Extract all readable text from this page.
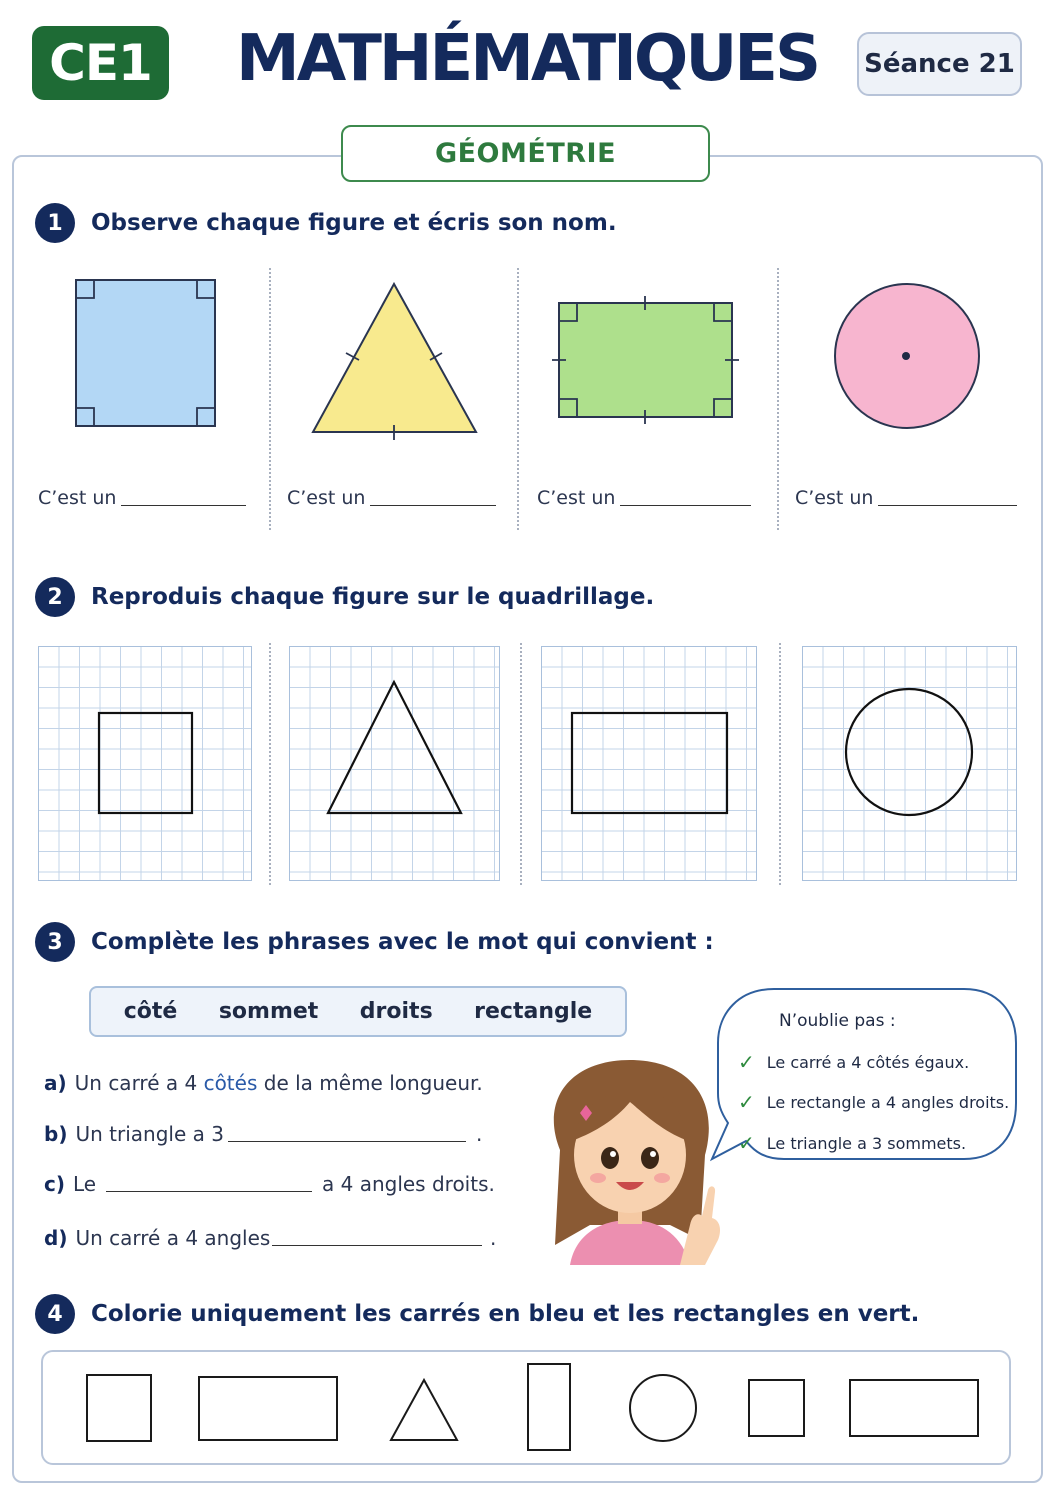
CE1 MATHÉMATIQUES Séance 21
GÉOMÉTRIE
1	Observe chaque figure et écris son nom.
C’est un	C’est un	C’est un	C’est un
2	Reproduis chaque figure sur le quadrillage.
3	Complète les phrases avec le mot qui convient :
côté sommet droits rectangle
a) Un carré a 4 côtés de la même longueur.
b) Un triangle a 3	.
c) Le	a 4 angles droits.
d) Un carré a 4 angles	.
N’oublie pas :
✓ Le carré a 4 côtés égaux.
✓ Le rectangle a 4 angles droits.
✓ Le triangle a 3 sommets.
4	Colorie uniquement les carrés en bleu et les rectangles en vert.
